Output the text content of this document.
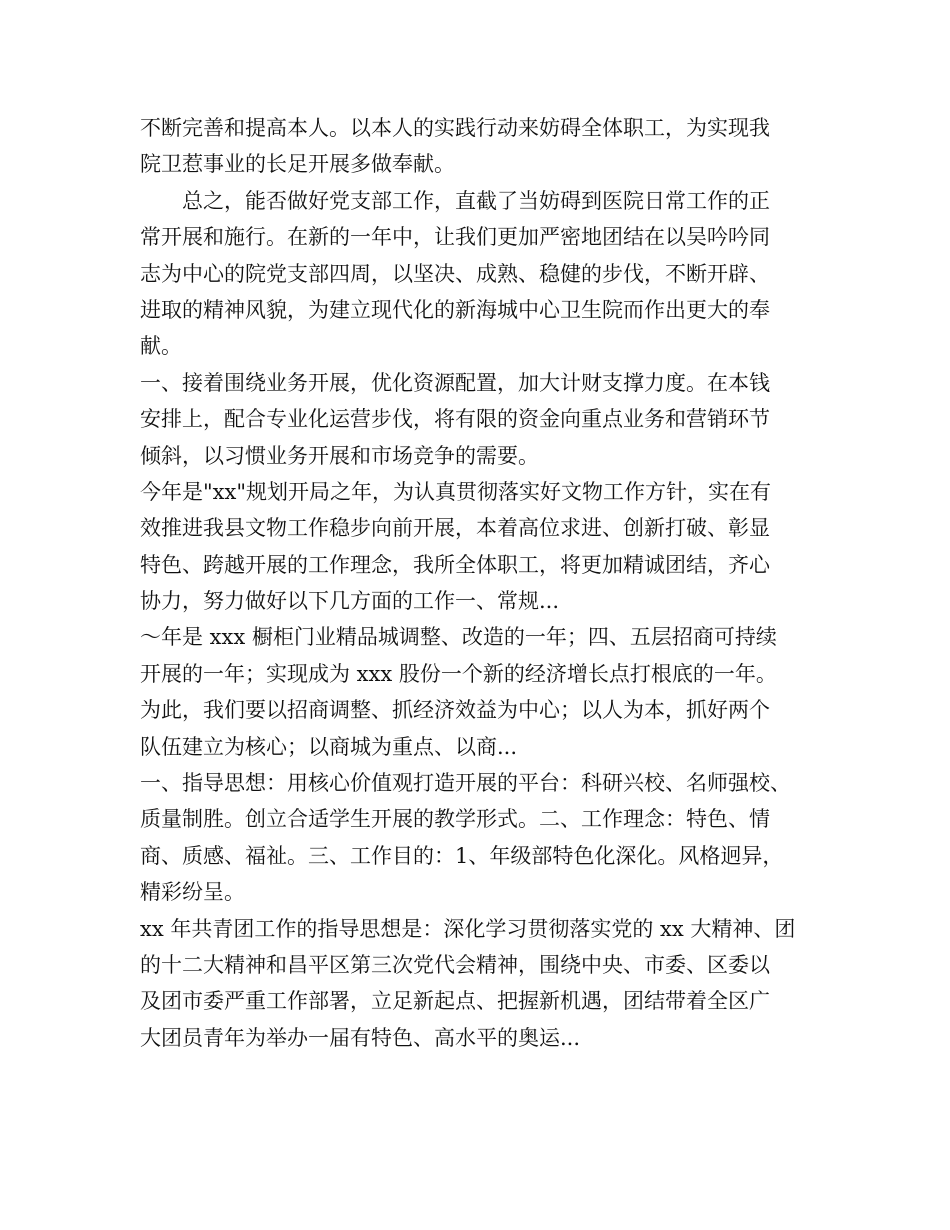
不断完善和提高本人。以本人的实践行动来妨碍全体职工，为实现我
院卫惹事业的长足开展多做奉献。
总之，能否做好党支部工作，直截了当妨碍到医院日常工作的正
常开展和施行。在新的一年中，让我们更加严密地团结在以吴吟吟同
志为中心的院党支部四周，以坚决、成熟、稳健的步伐，不断开辟、
进取的精神风貌，为建立现代化的新海城中心卫生院而作出更大的奉
献。
一、接着围绕业务开展，优化资源配置，加大计财支撑力度。在本钱
安排上，配合专业化运营步伐，将有限的资金向重点业务和营销环节
倾斜，以习惯业务开展和市场竞争的需要。
今年是"xx"规划开局之年，为认真贯彻落实好文物工作方针，实在有
效推进我县文物工作稳步向前开展，本着高位求进、创新打破、彰显
特色、跨越开展的工作理念，我所全体职工，将更加精诚团结，齐心
协力，努力做好以下几方面的工作一、常规...
～年是 xxx 橱柜门业精品城调整、改造的一年；四、五层招商可持续
开展的一年；实现成为 xxx 股份一个新的经济增长点打根底的一年。
为此，我们要以招商调整、抓经济效益为中心；以人为本，抓好两个
队伍建立为核心；以商城为重点、以商...
一、指导思想：用核心价值观打造开展的平台：科研兴校、名师强校、
质量制胜。创立合适学生开展的教学形式。二、工作理念：特色、情
商、质感、福祉。三、工作目的：1、年级部特色化深化。风格迥异，
精彩纷呈。
xx 年共青团工作的指导思想是：深化学习贯彻落实党的 xx 大精神、团
的十二大精神和昌平区第三次党代会精神，围绕中央、市委、区委以
及团市委严重工作部署，立足新起点、把握新机遇，团结带着全区广
大团员青年为举办一届有特色、高水平的奥运...
